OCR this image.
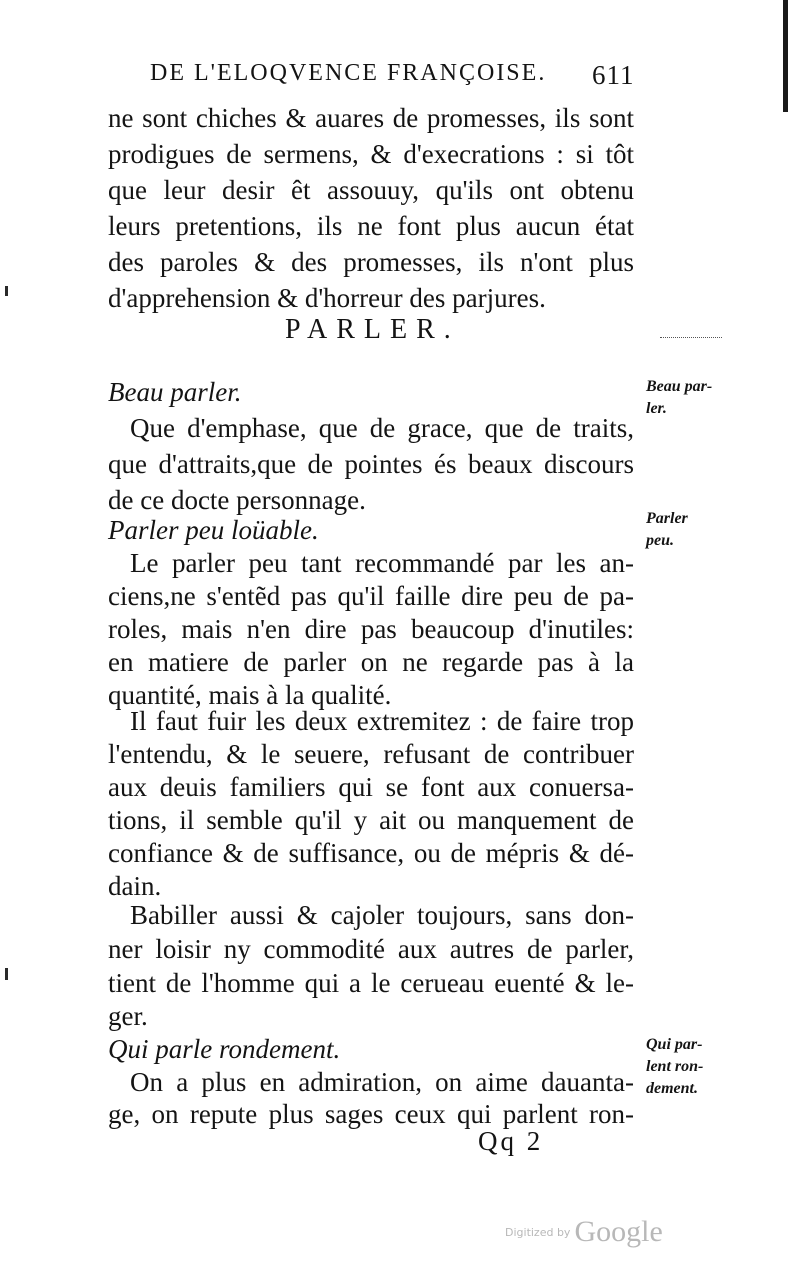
DE L'ELOQVENCE FRANÇOISE. 611
ne sont chiches & auares de promesses, ils sont
prodigues de sermens, & d'execrations : si tôt
que leur desir êt assouuy, qu'ils ont obtenu
leurs pretentions, ils ne font plus aucun état
des paroles & des promesses, ils n'ont plus
d'apprehension & d'horreur des parjures.
PARLER.
Beau parler.
Que d'emphase, que de grace, que de traits,
que d'attraits,que de pointes és beaux discours
de ce docte personnage.
Beau par-
ler.
Parler peu loüable.
Le parler peu tant recommandé par les an-
ciens,ne s'entẽd pas qu'il faille dire peu de pa-
roles, mais n'en dire pas beaucoup d'inutiles:
en matiere de parler on ne regarde pas à la
quantité, mais à la qualité.
Parler
peu.
Il faut fuir les deux extremitez : de faire trop
l'entendu, & le seuere, refusant de contribuer
aux deuis familiers qui se font aux conuersa-
tions, il semble qu'il y ait ou manquement de
confiance & de suffisance, ou de mépris & dé-
dain.
Babiller aussi & cajoler toujours, sans don-
ner loisir ny commodité aux autres de parler,
tient de l'homme qui a le cerueau euenté & le-
ger.
Qui parle rondement.
On a plus en admiration, on aime dauanta-
ge, on repute plus sages ceux qui parlent ron-
Qui par-
lent ron-
dement.
Qq 2
Digitized by Google
